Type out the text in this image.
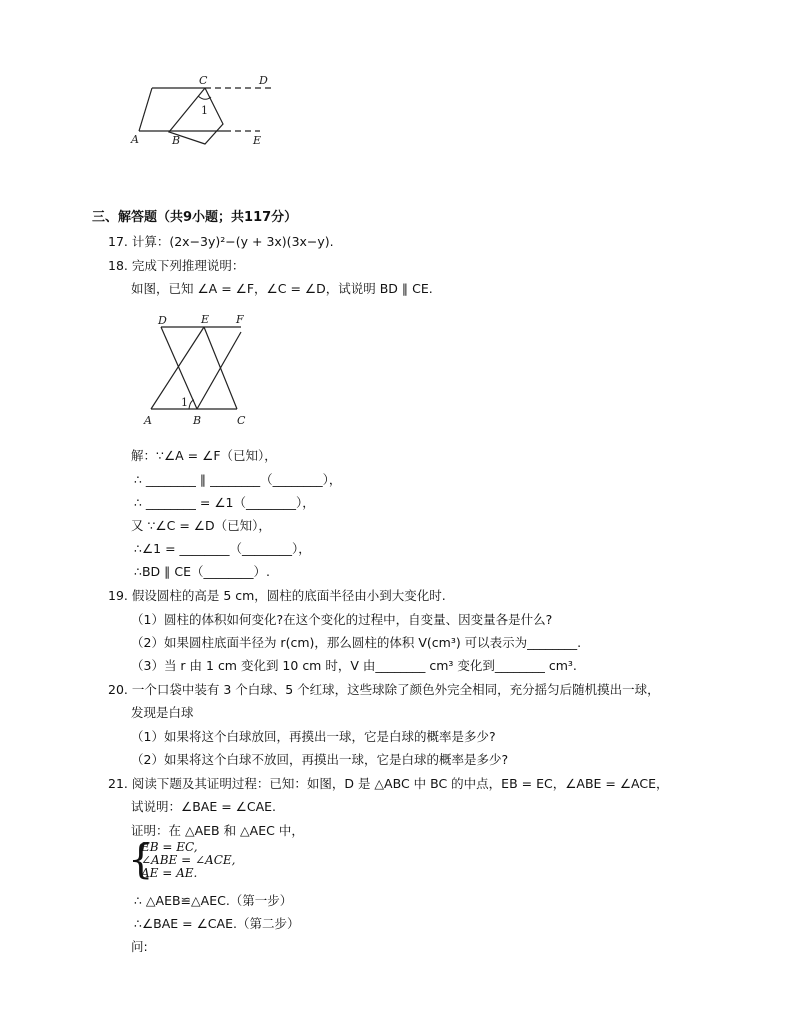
C	D
A	B	E
1
三、解答题（共9小题；共117分）
17. 计算：(2x−3y)²−(y + 3x)(3x−y).
18. 完成下列推理说明：
如图，已知 ∠A = ∠F，∠C = ∠D，试说明 BD ∥ CE.
D	E F
A	B	C
1
解：∵∠A = ∠F（已知），
∴ ________ ∥ ________（________），
∴ ________ = ∠1（________），
又 ∵∠C = ∠D（已知），
∴∠1 = ________（________），
∴BD ∥ CE（________）.
19. 假设圆柱的高是 5 cm，圆柱的底面半径由小到大变化时.
（1）圆柱的体积如何变化?在这个变化的过程中，自变量、因变量各是什么?
（2）如果圆柱底面半径为 r(cm)，那么圆柱的体积 V(cm³) 可以表示为________.
（3）当 r 由 1 cm 变化到 10 cm 时，V 由________ cm³ 变化到________ cm³.
20. 一个口袋中装有 3 个白球、5 个红球，这些球除了颜色外完全相同，充分摇匀后随机摸出一球，
发现是白球
（1）如果将这个白球放回，再摸出一球，它是白球的概率是多少?
（2）如果将这个白球不放回，再摸出一球，它是白球的概率是多少?
21. 阅读下题及其证明过程：已知：如图，D 是 △ABC 中 BC 的中点，EB = EC，∠ABE = ∠ACE，
试说明：∠BAE = ∠CAE.
证明：在 △AEB 和 △AEC 中，
{
EB = EC,
∠ABE = ∠ACE,
AE = AE.
∴ △AEB≌△AEC.（第一步）
∴∠BAE = ∠CAE.（第二步）
问:
